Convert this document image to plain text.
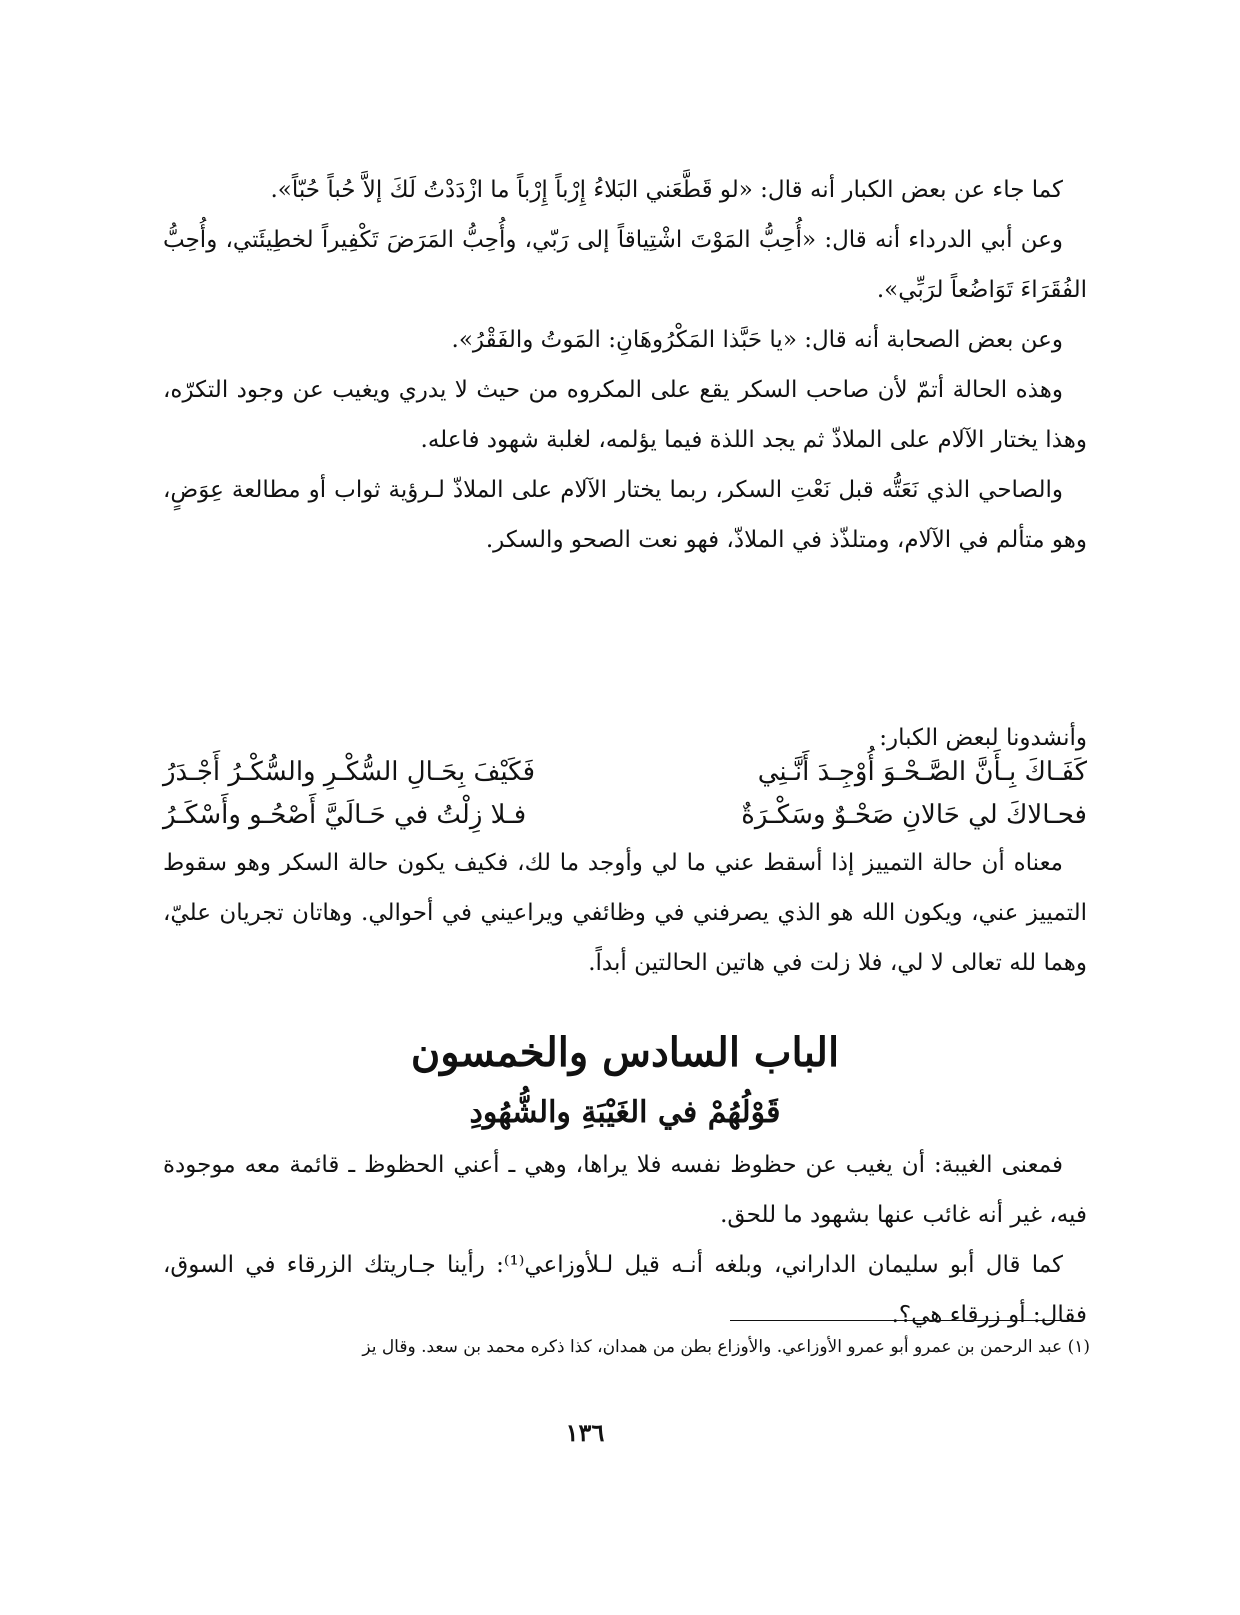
كما جاء عن بعض الكبار أنه قال: «لو قَطَّعَني البَلاءُ إِرْباً إِرْباً ما ازْدَدْتُ لَكَ إلاَّ حُباً حُبّاً».

وعن أبي الدرداء أنه قال: «أُحِبُّ المَوْتَ اشْتِياقاً إلى رَبّي، وأُحِبُّ المَرَضَ تَكْفِيراً لخطِيئَتي، وأُحِبُّ الفُقَرَاءَ تَوَاضُعاً لرَبِّي».

وعن بعض الصحابة أنه قال: «يا حَبَّذا المَكْرُوهَانِ: المَوتُ والفَقْرُ».

وهذه الحالة أتمّ لأن صاحب السكر يقع على المكروه من حيث لا يدري ويغيب عن وجود التكرّه، وهذا يختار الآلام على الملاذّ ثم يجد اللذة فيما يؤلمه، لغلبة شهود فاعله.

والصاحي الذي نَعَتُّه قبل نَعْتِ السكر، ربما يختار الآلام على الملاذّ لـرؤية ثواب أو مطالعة عِوَضٍ، وهو متألم في الآلام، ومتلذّذ في الملاذّ، فهو نعت الصحو والسكر.

وأنشدونا لبعض الكبار:

كَفَـاكَ بِـأَنَّ الصَّـحْـوَ أُوْجِـدَ أَنَّـنِي
فَكَيْفَ بِحَـالِ السُّكْـرِ والسُّكْـرُ أَجْـدَرُ
فحـالاكَ لي حَالانِ صَحْـوٌ وسَكْـرَةٌ
فـلا زِلْتُ في حَـالَيَّ أَصْحُـو وأَسْكَـرُ

معناه أن حالة التمييز إذا أسقط عني ما لي وأوجد ما لك، فكيف يكون حالة السكر وهو سقوط التمييز عني، ويكون الله هو الذي يصرفني في وظائفي ويراعيني في أحوالي. وهاتان تجريان عليّ، وهما لله تعالى لا لي، فلا زلت في هاتين الحالتين أبداً.

الباب السادس والخمسون
قَوْلُهُمْ في الغَيْبَةِ والشُّهُودِ

فمعنى الغيبة: أن يغيب عن حظوظ نفسه فلا يراها، وهي ـ أعني الحظوظ ـ قائمة معه موجودة فيه، غير أنه غائب عنها بشهود ما للحق.

كما قال أبو سليمان الداراني، وبلغه أنـه قيل لـلأوزاعي⁽¹⁾: رأينا جـاريتك الزرقاء في السوق، فقال: أو زرقاء هي؟.

(١) عبد الرحمن بن عمرو أبو عمرو الأوزاعي. والأوزاع بطن من همدان، كذا ذكره محمد بن سعد. وقال يز

١٣٦
